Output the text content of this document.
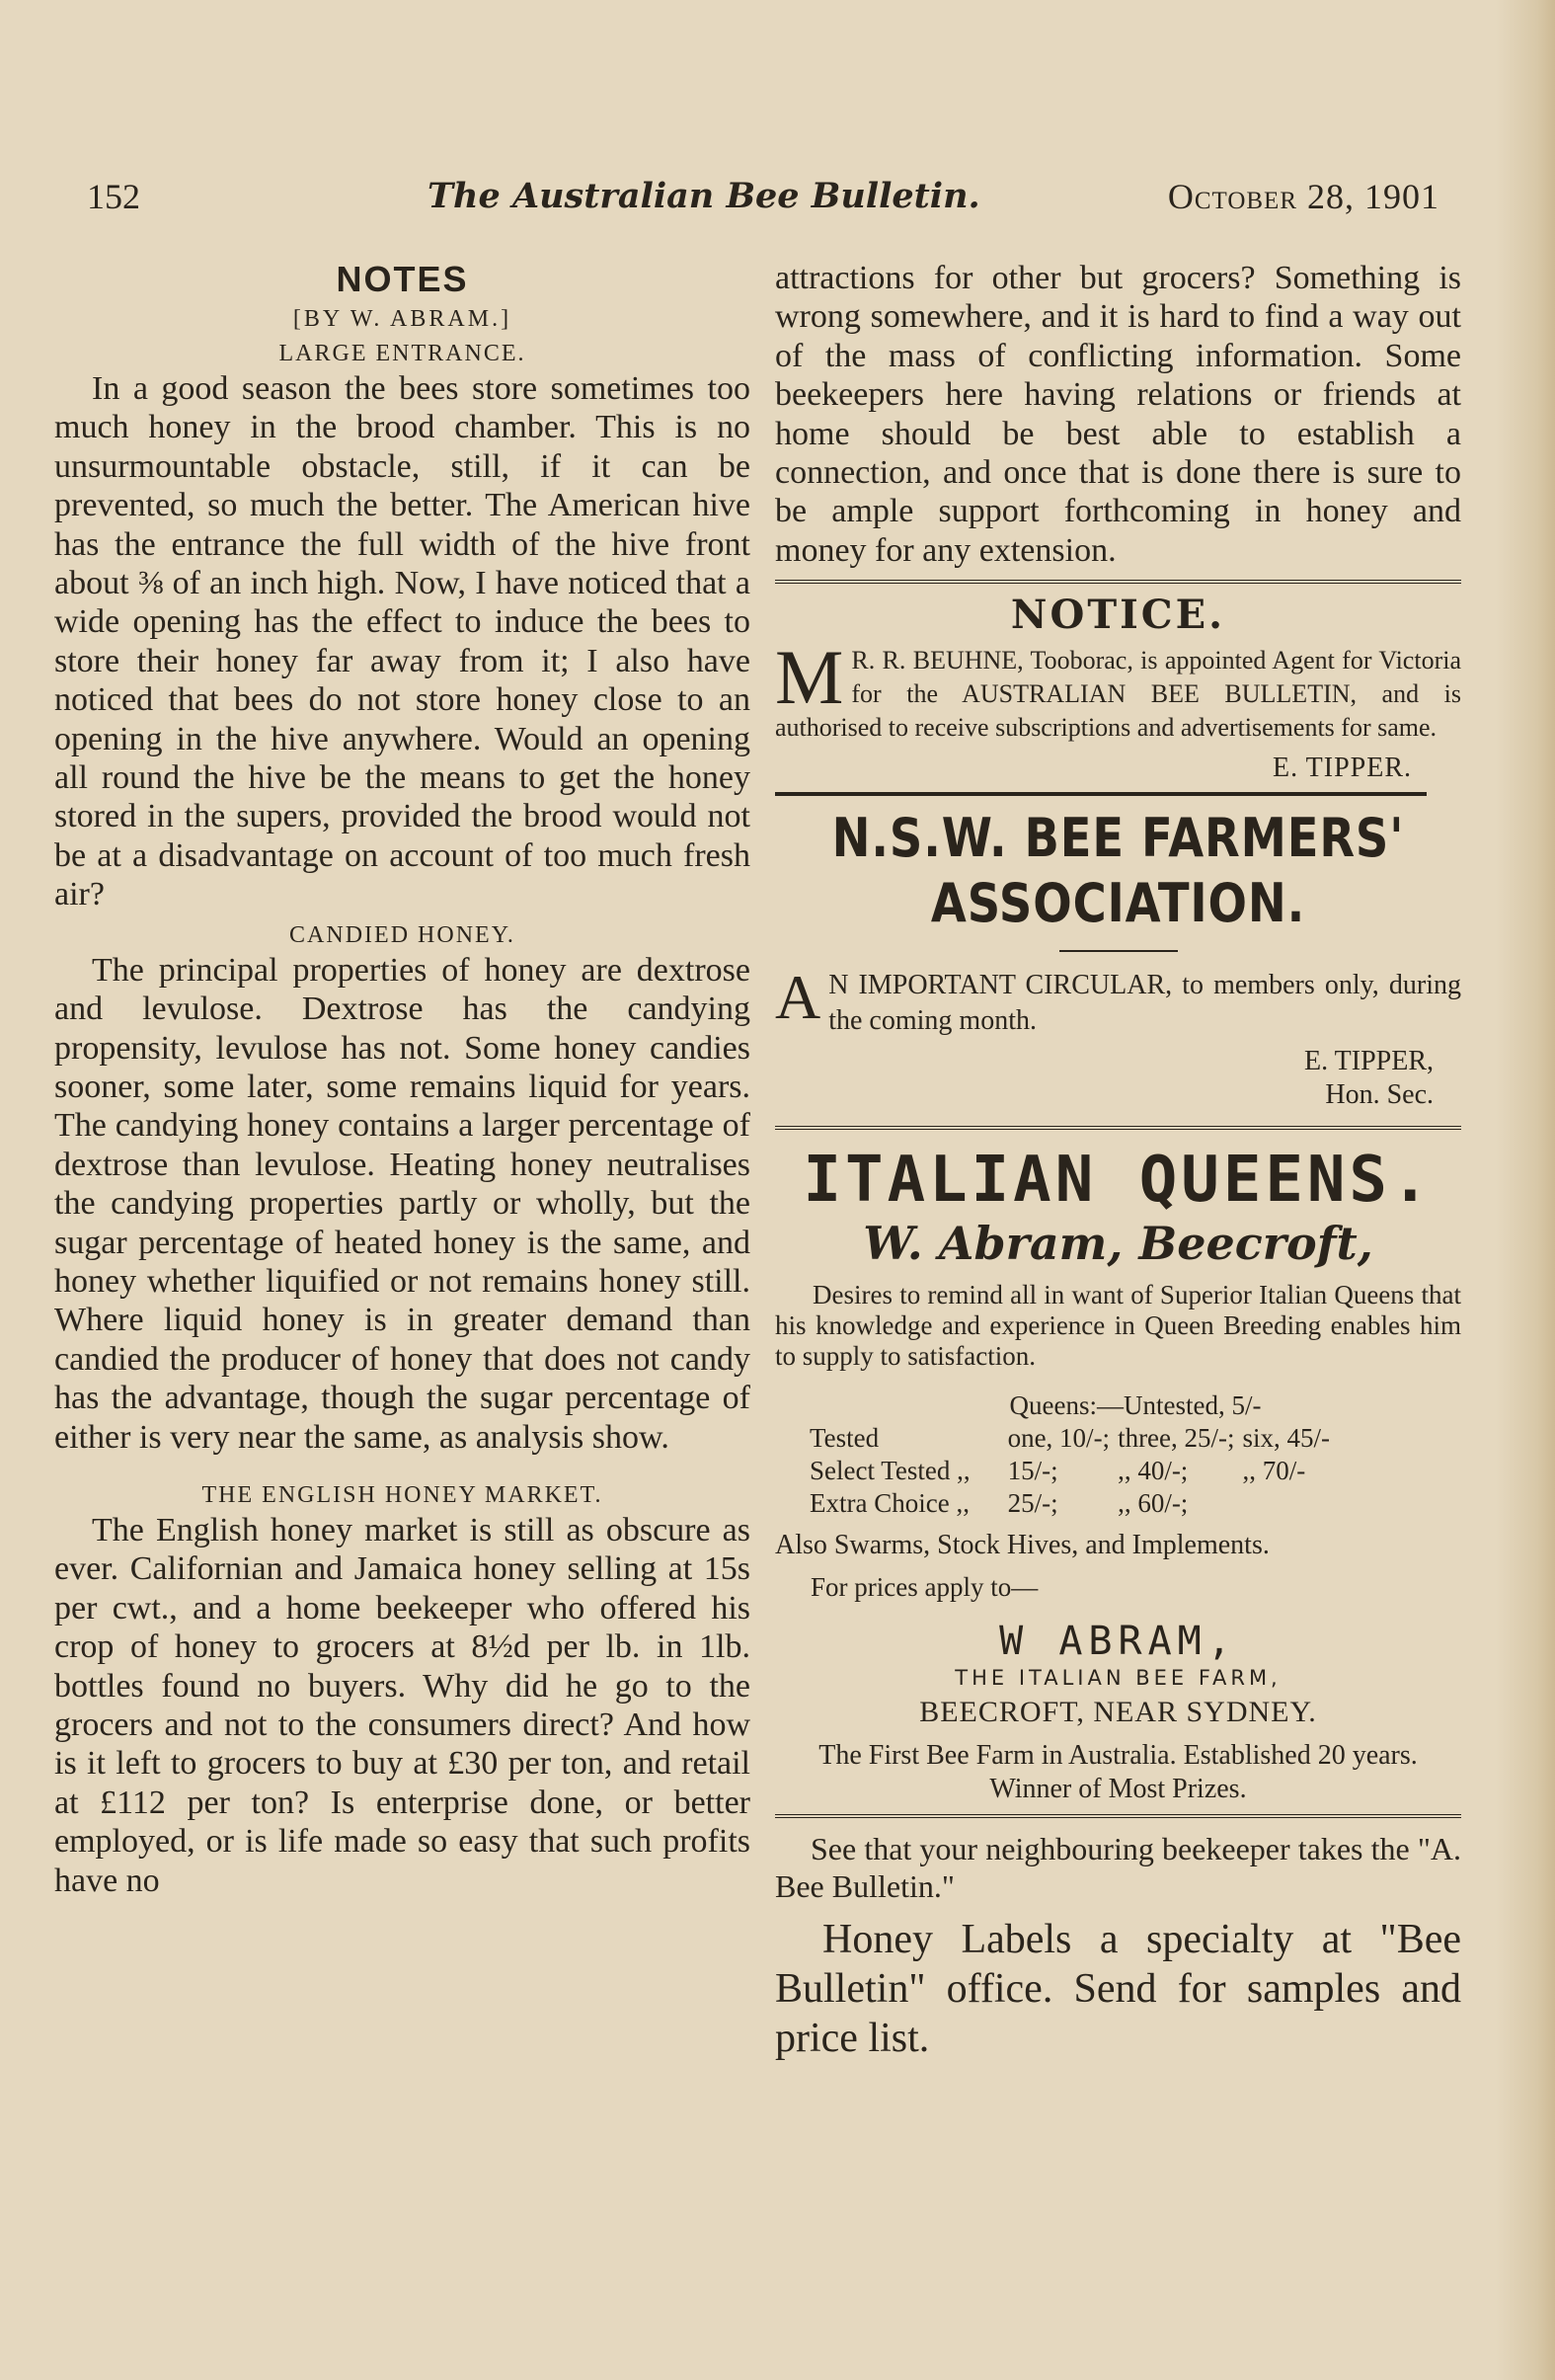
152	The Australian Bee Bulletin.	October 28, 1901
NOTES
[BY W. ABRAM.]
LARGE ENTRANCE.

In a good season the bees store sometimes too much honey in the brood chamber. This is no unsurmountable obstacle, still, if it can be prevented, so much the better. The American hive has the entrance the full width of the hive front about ⅜ of an inch high. Now, I have noticed that a wide opening has the effect to induce the bees to store their honey far away from it; I also have noticed that bees do not store honey close to an opening in the hive anywhere. Would an opening all round the hive be the means to get the honey stored in the supers, provided the brood would not be at a disadvantage on account of too much fresh air?

CANDIED HONEY.

The principal properties of honey are dextrose and levulose. Dextrose has the candying propensity, levulose has not. Some honey candies sooner, some later, some remains liquid for years. The candying honey contains a larger percentage of dextrose than levulose. Heating honey neutralises the candying properties partly or wholly, but the sugar percentage of heated honey is the same, and honey whether liquified or not remains honey still. Where liquid honey is in greater demand than candied the producer of honey that does not candy has the advantage, though the sugar percentage of either is very near the same, as analysis show.

THE ENGLISH HONEY MARKET.

The English honey market is still as obscure as ever. Californian and Jamaica honey selling at 15s per cwt., and a home beekeeper who offered his crop of honey to grocers at 8½d per lb. in 1lb. bottles found no buyers. Why did he go to the grocers and not to the consumers direct? And how is it left to grocers to buy at £30 per ton, and retail at £112 per ton? Is enterprise done, or better employed, or is life made so easy that such profits have no

attractions for other but grocers? Something is wrong somewhere, and it is hard to find a way out of the mass of conflicting information. Some beekeepers here having relations or friends at home should be best able to establish a connection, and once that is done there is sure to be ample support forthcoming in honey and money for any extension.

NOTICE.
M R. R. BEUHNE, Tooborac, is appointed Agent for Victoria for the AUSTRALIAN BEE BULLETIN, and is authorised to receive subscriptions and advertisements for same.
E. TIPPER.
N.S.W. BEE FARMERS' ASSOCIATION.
A N IMPORTANT CIRCULAR, to members only, during the coming month.
E. TIPPER,
Hon. Sec.
ITALIAN QUEENS.
W. Abram, Beecroft,
Desires to remind all in want of Superior Italian Queens that his knowledge and experience in Queen Breeding enables him to supply to satisfaction.
Queens:—Untested, 5/-
Tested	one, 10/-;	three, 25/-;	six, 45/-
Select Tested ,,	15/-;	,, 40/-;	,, 70/-
Extra Choice ,,	25/-;	,, 60/-;	
Also Swarms, Stock Hives, and Implements.
For prices apply to—
W ABRAM,
THE ITALIAN BEE FARM,
BEECROFT, NEAR SYDNEY.
The First Bee Farm in Australia. Established 20 years. Winner of Most Prizes.
See that your neighbouring beekeeper takes the "A. Bee Bulletin."

Honey Labels a specialty at "Bee Bulletin" office. Send for samples and price list.
